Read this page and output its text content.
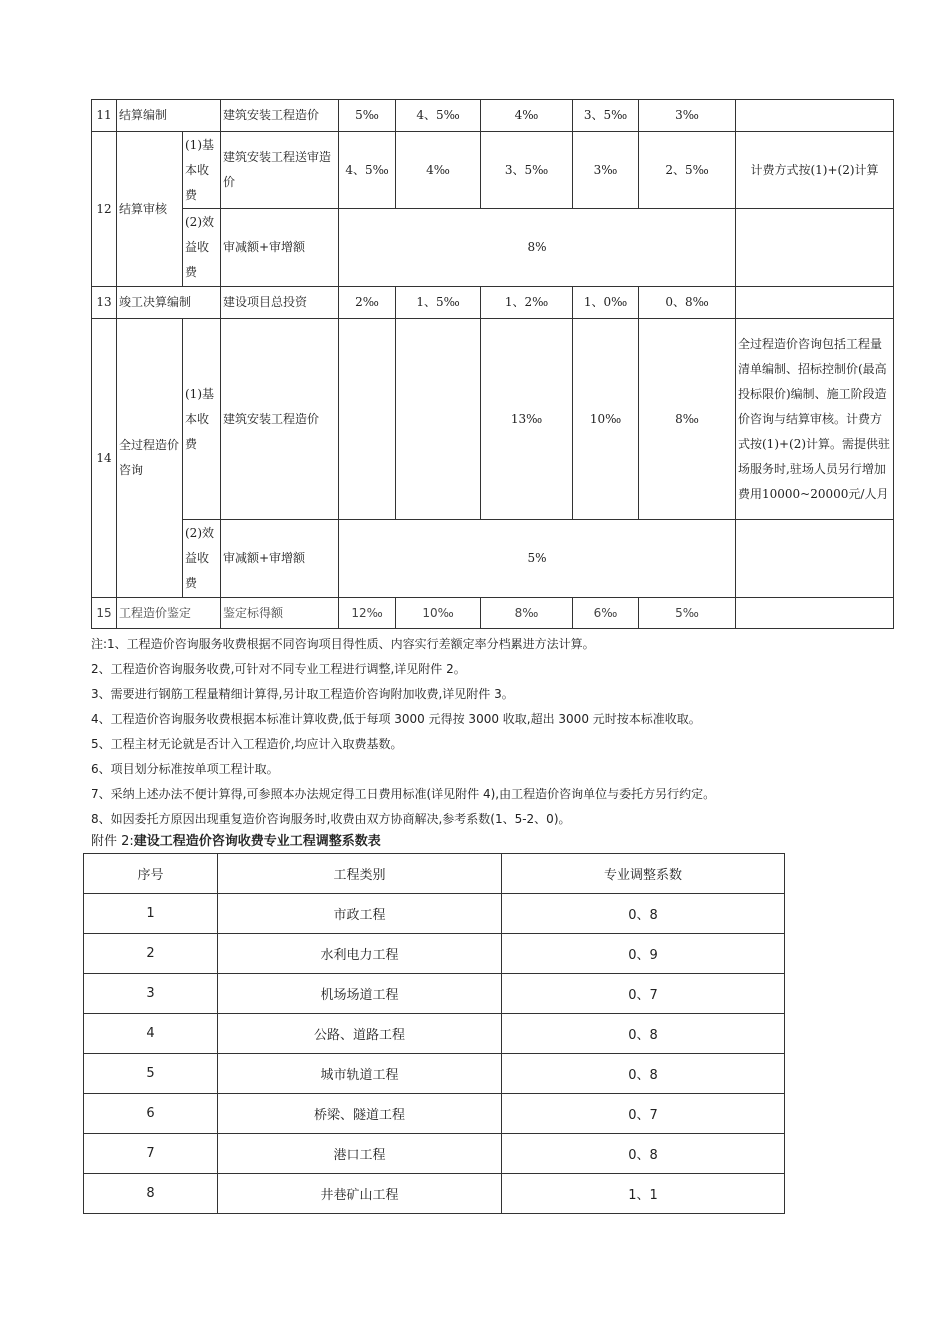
11	结算编制		建筑安装工程造价	5‰	4、5‰	4‰	3、5‰	3‰	
12	结算审核	(1)基本收费	建筑安装工程送审造价	4、5‰	4‰	3、5‰	3‰	2、5‰	计费方式按(1)+(2)计算
		(2)效益收费	审减额+审增额	8%					
13	竣工决算编制		建设项目总投资	2‰	1、5‰	1、2‰	1、0‰	0、8‰	
14	全过程造价咨询	(1)基本收费	建筑安装工程造价			13‰	10‰	8‰	全过程造价咨询包括工程量清单编制、招标控制价(最高投标限价)编制、施工阶段造价咨询与结算审核。计费方式按(1)+(2)计算。需提供驻场服务时,驻场人员另行增加费用10000~20000元/人月
		(2)效益收费	审减额+审增额	5%					
15	工程造价鉴定		鉴定标得额	12‰	10‰	8‰	6‰	5‰	
注:1、工程造价咨询服务收费根据不同咨询项目得性质、内容实行差额定率分档累进方法计算。
2、工程造价咨询服务收费,可针对不同专业工程进行调整,详见附件 2。
3、需要进行钢筋工程量精细计算得,另计取工程造价咨询附加收费,详见附件 3。
4、工程造价咨询服务收费根据本标准计算收费,低于每项 3000 元得按 3000 收取,超出 3000 元时按本标准收取。
5、工程主材无论就是否计入工程造价,均应计入取费基数。
6、项目划分标准按单项工程计取。
7、采纳上述办法不便计算得,可参照本办法规定得工日费用标准(详见附件 4),由工程造价咨询单位与委托方另行约定。
8、如因委托方原因出现重复造价咨询服务时,收费由双方协商解决,参考系数(1、5-2、0)。
附件 2:建设工程造价咨询收费专业工程调整系数表
序号	工程类别	专业调整系数
1	市政工程	0、8
2	水利电力工程	0、9
3	机场场道工程	0、7
4	公路、道路工程	0、8
5	城市轨道工程	0、8
6	桥梁、隧道工程	0、7
7	港口工程	0、8
8	井巷矿山工程	1、1
